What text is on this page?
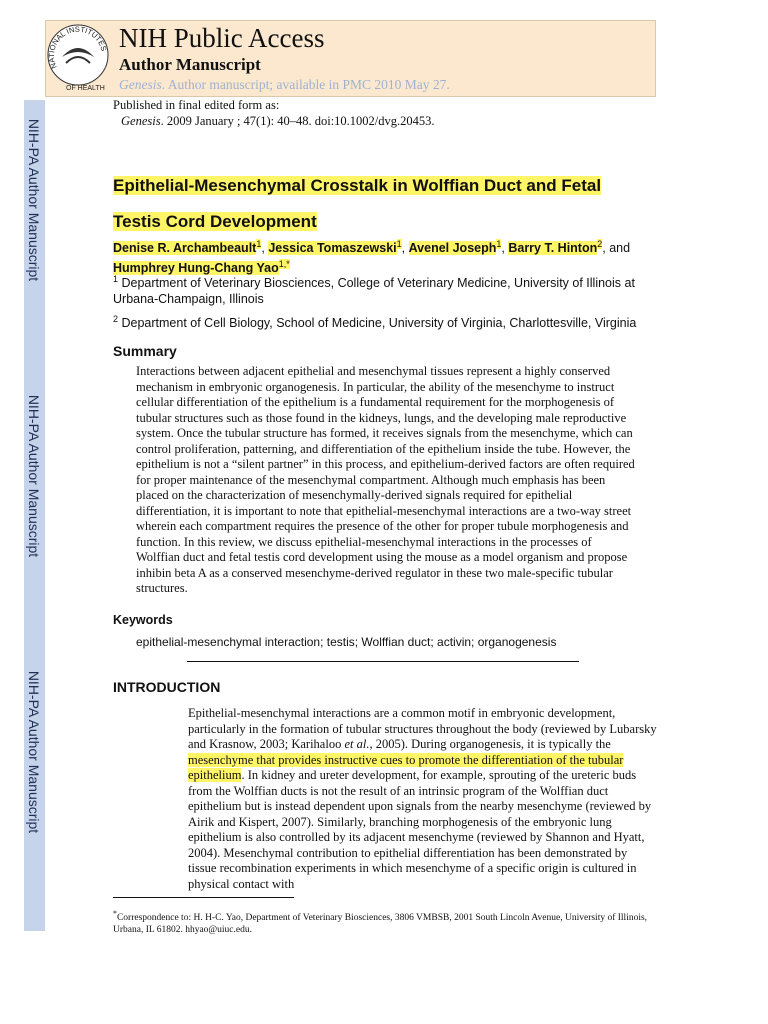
NIH-PA Author Manuscript
NIH-PA Author Manuscript
NIH-PA Author Manuscript
NATIONAL INSTITUTES
OF HEALTH
NIH Public Access
Author Manuscript
Genesis. Author manuscript; available in PMC 2010 May 27.
Published in final edited form as:
Genesis. 2009 January ; 47(1): 40–48. doi:10.1002/dvg.20453.
Epithelial-Mesenchymal Crosstalk in Wolffian Duct and Fetal
Testis Cord Development
Denise R. Archambeault$^1$, Jessica Tomaszewski$^1$, Avenel Joseph$^1$, Barry T. Hinton$^2$, and
Humphrey Hung-Chang Yao$^{1,*}$
$^1$ Department of Veterinary Biosciences, College of Veterinary Medicine, University of Illinois at Urbana-Champaign, Illinois
$^2$ Department of Cell Biology, School of Medicine, University of Virginia, Charlottesville, Virginia
Summary
Interactions between adjacent epithelial and mesenchymal tissues represent a highly conserved mechanism in embryonic organogenesis. In particular, the ability of the mesenchyme to instruct cellular differentiation of the epithelium is a fundamental requirement for the morphogenesis of tubular structures such as those found in the kidneys, lungs, and the developing male reproductive system. Once the tubular structure has formed, it receives signals from the mesenchyme, which can control proliferation, patterning, and differentiation of the epithelium inside the tube. However, the epithelium is not a “silent partner” in this process, and epithelium-derived factors are often required for proper maintenance of the mesenchymal compartment. Although much emphasis has been placed on the characterization of mesenchymally-derived signals required for epithelial differentiation, it is important to note that epithelial-mesenchymal interactions are a two-way street wherein each compartment requires the presence of the other for proper tubule morphogenesis and function. In this review, we discuss epithelial-mesenchymal interactions in the processes of Wolffian duct and fetal testis cord development using the mouse as a model organism and propose inhibin beta A as a conserved mesenchyme-derived regulator in these two male-specific tubular structures.
Keywords
epithelial-mesenchymal interaction; testis; Wolffian duct; activin; organogenesis
INTRODUCTION
Epithelial-mesenchymal interactions are a common motif in embryonic development, particularly in the formation of tubular structures throughout the body (reviewed by Lubarsky and Krasnow, 2003; Karihaloo et al., 2005). During organogenesis, it is typically the mesenchyme that provides instructive cues to promote the differentiation of the tubular epithelium. In kidney and ureter development, for example, sprouting of the ureteric buds from the Wolffian ducts is not the result of an intrinsic program of the Wolffian duct epithelium but is instead dependent upon signals from the nearby mesenchyme (reviewed by Airik and Kispert, 2007). Similarly, branching morphogenesis of the embryonic lung epithelium is also controlled by its adjacent mesenchyme (reviewed by Shannon and Hyatt, 2004). Mesenchymal contribution to epithelial differentiation has been demonstrated by tissue recombination experiments in which mesenchyme of a specific origin is cultured in physical contact with
*Correspondence to: H. H-C. Yao, Department of Veterinary Biosciences, 3806 VMBSB, 2001 South Lincoln Avenue, University of Illinois, Urbana, IL 61802. hhyao@uiuc.edu.
